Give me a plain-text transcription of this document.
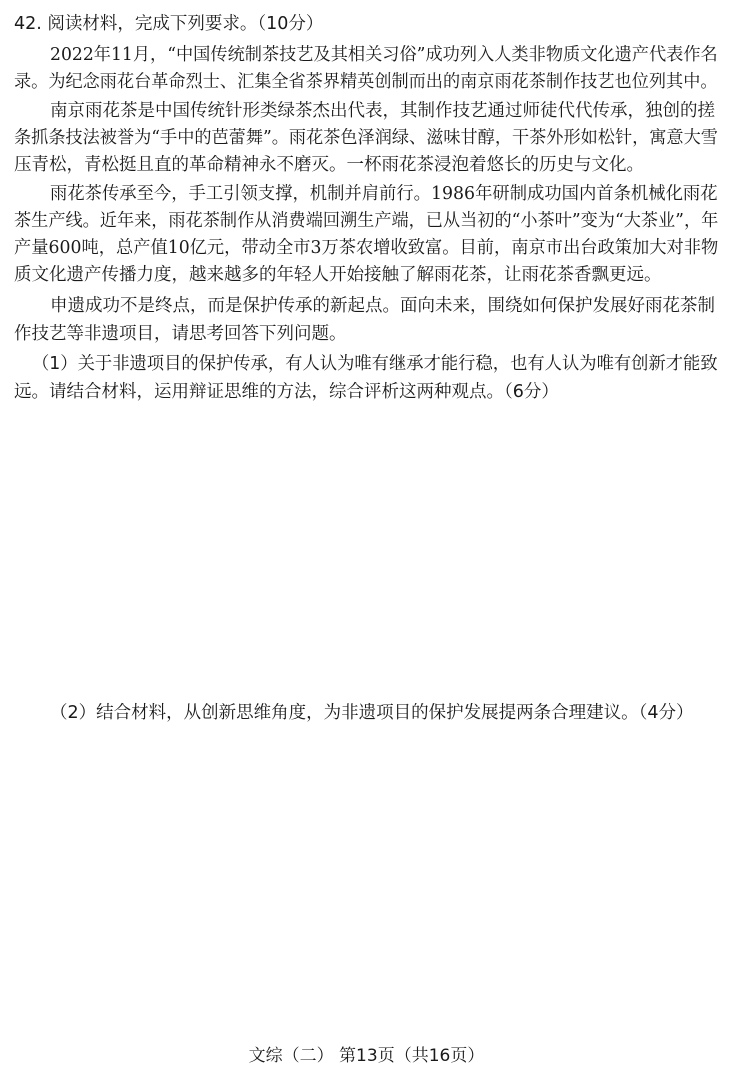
42. 阅读材料，完成下列要求。（10分）
2022年11月，“中国传统制茶技艺及其相关习俗”成功列入人类非物质文化遗产代表作名
录。为纪念雨花台革命烈士、汇集全省茶界精英创制而出的南京雨花茶制作技艺也位列其中。
南京雨花茶是中国传统针形类绿茶杰出代表，其制作技艺通过师徒代代传承，独创的搓
条抓条技法被誉为“手中的芭蕾舞”。雨花茶色泽润绿、滋味甘醇，干茶外形如松针，寓意大雪
压青松，青松挺且直的革命精神永不磨灭。一杯雨花茶浸泡着悠长的历史与文化。
雨花茶传承至今，手工引领支撑，机制并肩前行。1986年研制成功国内首条机械化雨花
茶生产线。近年来，雨花茶制作从消费端回溯生产端，已从当初的“小茶叶”变为“大茶业”，年
产量600吨，总产值10亿元，带动全市3万茶农增收致富。目前，南京市出台政策加大对非物
质文化遗产传播力度，越来越多的年轻人开始接触了解雨花茶，让雨花茶香飘更远。
申遗成功不是终点，而是保护传承的新起点。面向未来，围绕如何保护发展好雨花茶制
作技艺等非遗项目，请思考回答下列问题。
（1）关于非遗项目的保护传承，有人认为唯有继承才能行稳，也有人认为唯有创新才能致
远。请结合材料，运用辩证思维的方法，综合评析这两种观点。（6分）
（2）结合材料，从创新思维角度，为非遗项目的保护发展提两条合理建议。（4分）
文综（二） 第13页（共16页）
